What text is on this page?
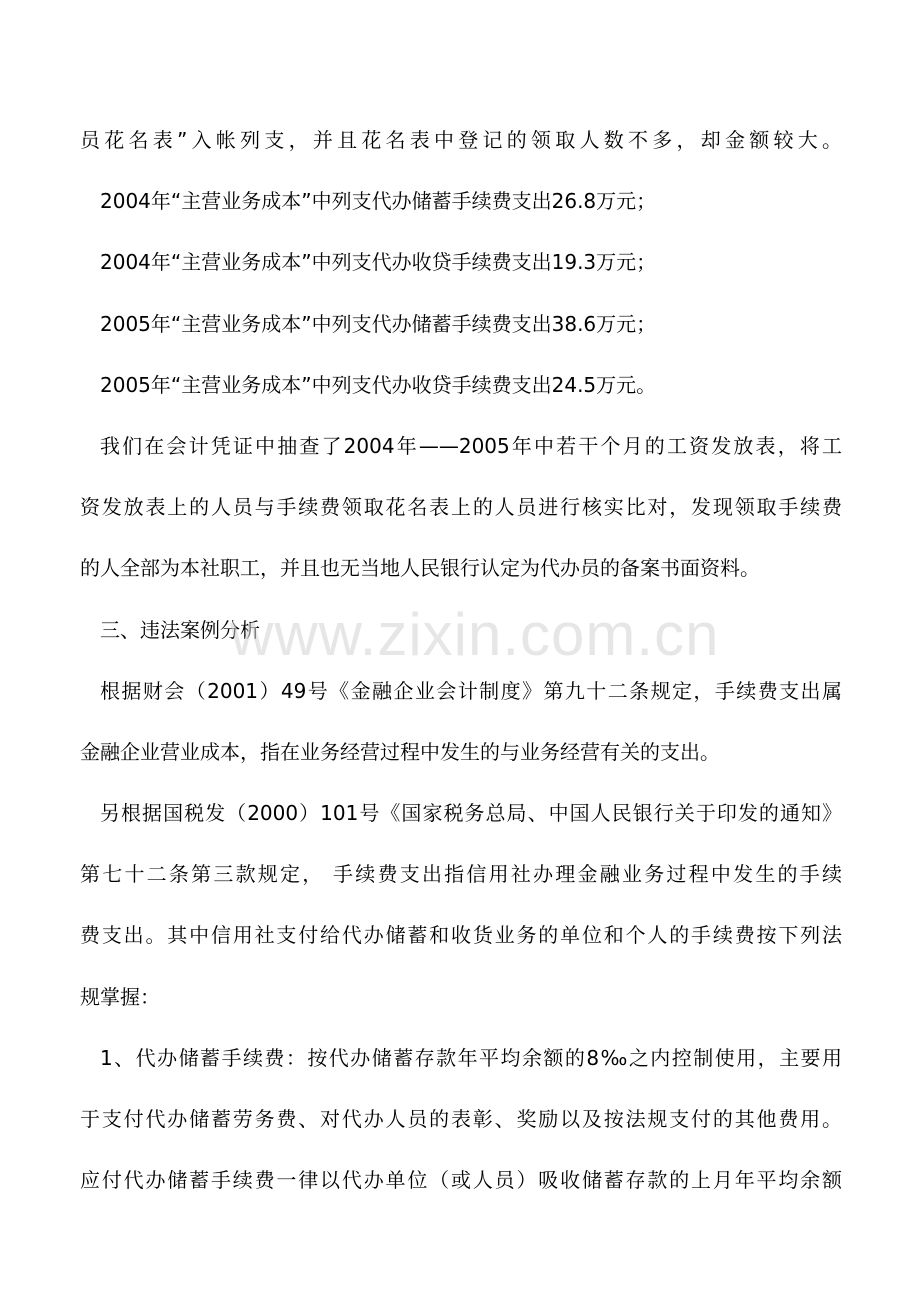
员花名表”入帐列支，并且花名表中登记的领取人数不多，却金额较大。
2004年“主营业务成本”中列支代办储蓄手续费支出26.8万元；
2004年“主营业务成本”中列支代办收贷手续费支出19.3万元；
2005年“主营业务成本”中列支代办储蓄手续费支出38.6万元；
2005年“主营业务成本”中列支代办收贷手续费支出24.5万元。
我们在会计凭证中抽查了2004年——2005年中若干个月的工资发放表，将工
资发放表上的人员与手续费领取花名表上的人员进行核实比对，发现领取手续费
的人全部为本社职工，并且也无当地人民银行认定为代办员的备案书面资料。
三、违法案例分析
根据财会（2001）49号《金融企业会计制度》第九十二条规定，手续费支出属
金融企业营业成本，指在业务经营过程中发生的与业务经营有关的支出。
另根据国税发（2000）101号《国家税务总局、中国人民银行关于印发的通知》
第七十二条第三款规定， 手续费支出指信用社办理金融业务过程中发生的手续
费支出。其中信用社支付给代办储蓄和收货业务的单位和个人的手续费按下列法
规掌握：
1、代办储蓄手续费：按代办储蓄存款年平均余额的8‰之内控制使用，主要用
于支付代办储蓄劳务费、对代办人员的表彰、奖励以及按法规支付的其他费用。
应付代办储蓄手续费一律以代办单位（或人员）吸收储蓄存款的上月年平均余额
www.zixin.com.cn
